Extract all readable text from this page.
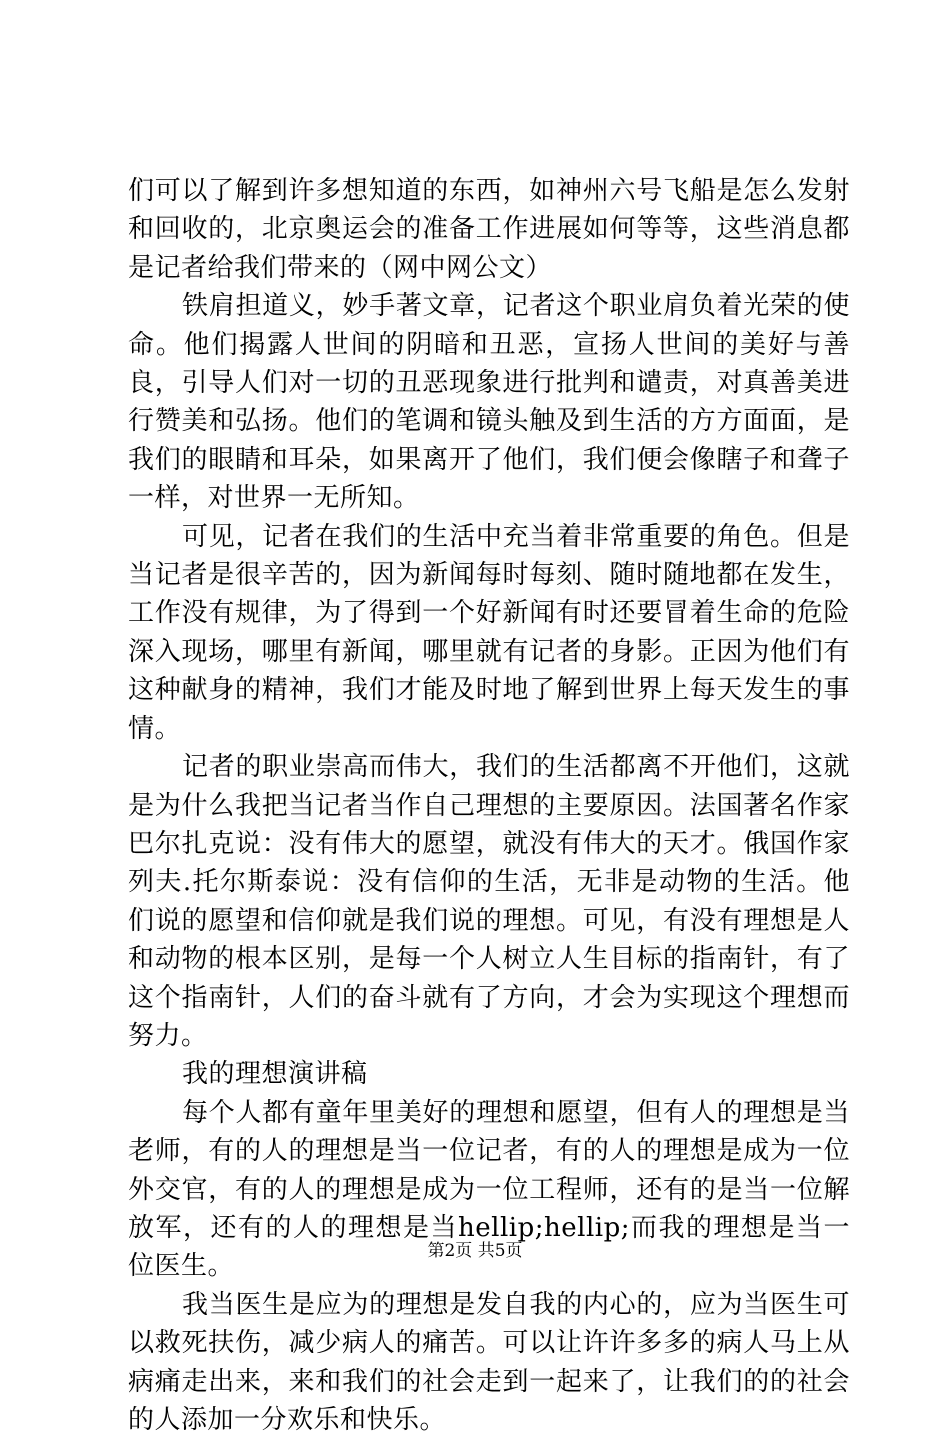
们可以了解到许多想知道的东西，如神州六号飞船是怎么发射和回收的，北京奥运会的准备工作进展如何等等，这些消息都是记者给我们带来的（网中网公文）

铁肩担道义，妙手著文章，记者这个职业肩负着光荣的使命。他们揭露人世间的阴暗和丑恶，宣扬人世间的美好与善良，引导人们对一切的丑恶现象进行批判和谴责，对真善美进行赞美和弘扬。他们的笔调和镜头触及到生活的方方面面，是我们的眼睛和耳朵，如果离开了他们，我们便会像瞎子和聋子一样，对世界一无所知。

可见，记者在我们的生活中充当着非常重要的角色。但是当记者是很辛苦的，因为新闻每时每刻、随时随地都在发生，工作没有规律，为了得到一个好新闻有时还要冒着生命的危险深入现场，哪里有新闻，哪里就有记者的身影。正因为他们有这种献身的精神，我们才能及时地了解到世界上每天发生的事情。

记者的职业崇高而伟大，我们的生活都离不开他们，这就是为什么我把当记者当作自己理想的主要原因。法国著名作家巴尔扎克说：没有伟大的愿望，就没有伟大的天才。俄国作家列夫.托尔斯泰说：没有信仰的生活，无非是动物的生活。他们说的愿望和信仰就是我们说的理想。可见，有没有理想是人和动物的根本区别，是每一个人树立人生目标的指南针，有了这个指南针，人们的奋斗就有了方向，才会为实现这个理想而努力。

我的理想演讲稿

每个人都有童年里美好的理想和愿望，但有人的理想是当老师，有的人的理想是当一位记者，有的人的理想是成为一位外交官，有的人的理想是成为一位工程师，还有的是当一位解放军，还有的人的理想是当hellip;hellip;而我的理想是当一位医生。

我当医生是应为的理想是发自我的内心的，应为当医生可以救死扶伤，减少病人的痛苦。可以让许许多多的病人马上从病痛走出来，来和我们的社会走到一起来了，让我们的的社会的人添加一分欢乐和快乐。

第2页 共5页
